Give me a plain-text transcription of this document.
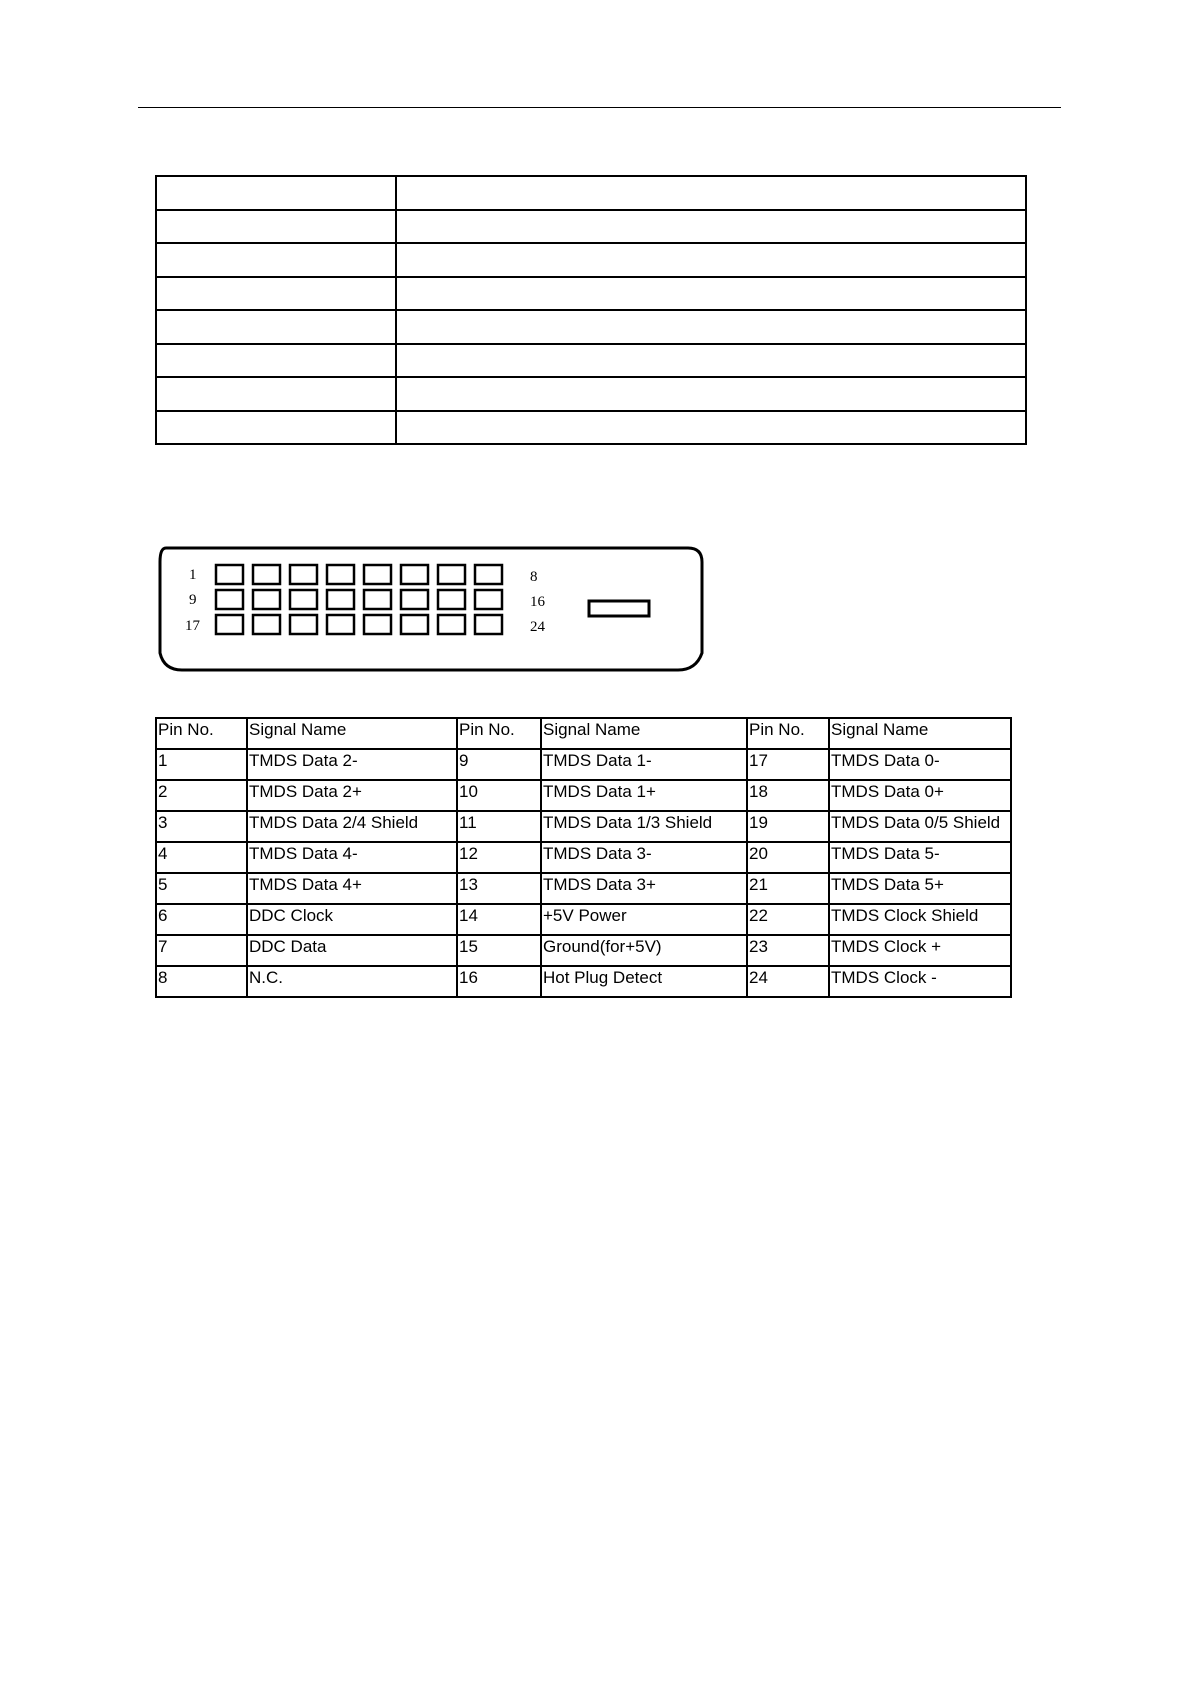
1	8
9	16
17	24
Pin No.	Signal Name	Pin No.	Signal Name	Pin No.	Signal Name
1	TMDS Data 2-	9	TMDS Data 1-	17	TMDS Data 0-
2	TMDS Data 2+	10	TMDS Data 1+	18	TMDS Data 0+
3	TMDS Data 2/4 Shield	11	TMDS Data 1/3 Shield	19	TMDS Data 0/5 Shield
4	TMDS Data 4-	12	TMDS Data 3-	20	TMDS Data 5-
5	TMDS Data 4+	13	TMDS Data 3+	21	TMDS Data 5+
6	DDC Clock	14	+5V Power	22	TMDS Clock Shield
7	DDC Data	15	Ground(for+5V)	23	TMDS Clock +
8	N.C.	16	Hot Plug Detect	24	TMDS Clock -
